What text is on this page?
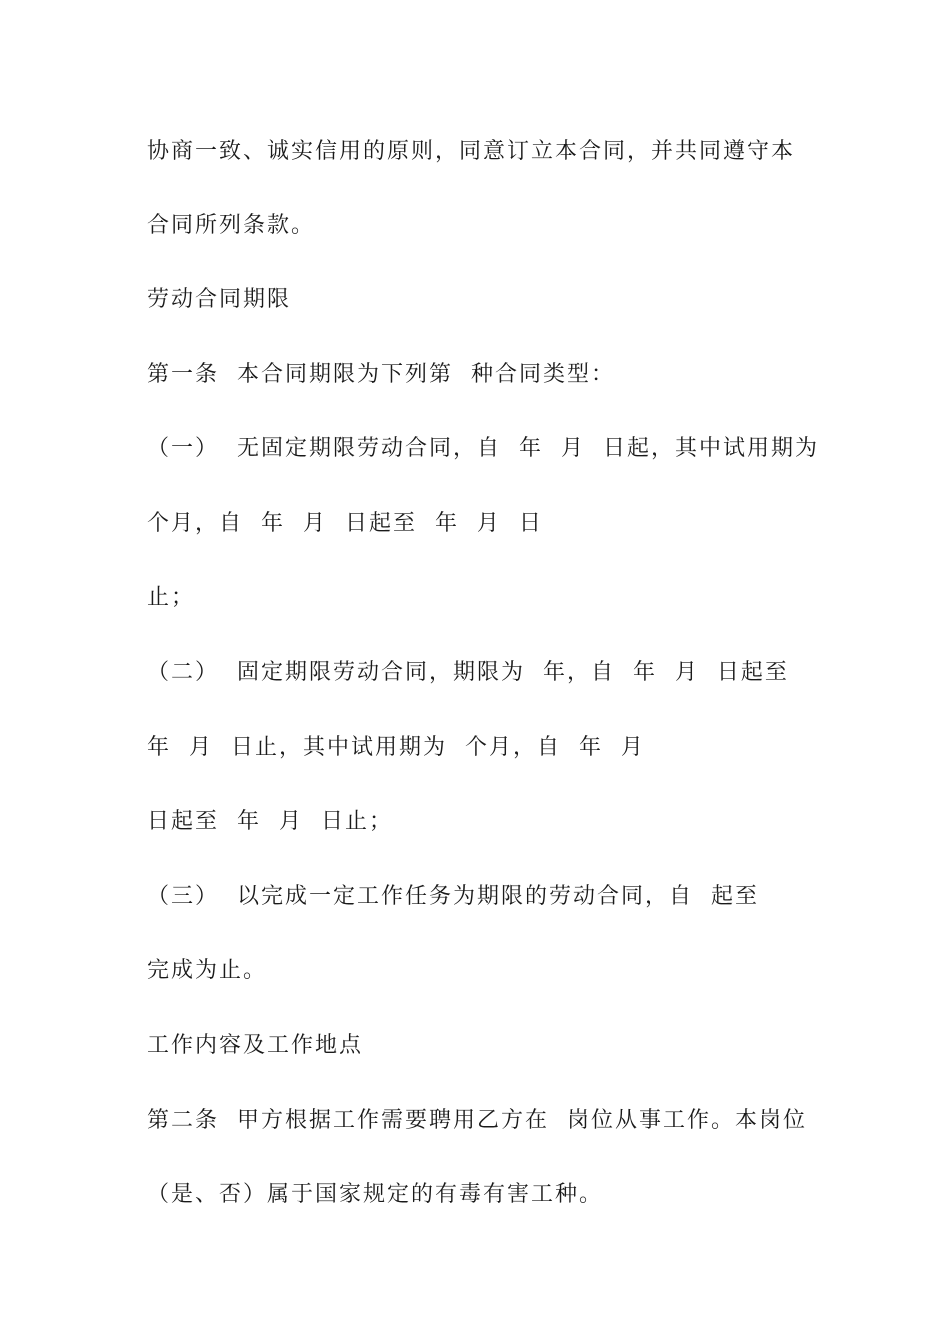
协商一致、诚实信用的原则，同意订立本合同，并共同遵守本
合同所列条款。
劳动合同期限
第一条  本合同期限为下列第  种合同类型：
（一）  无固定期限劳动合同，自  年  月  日起，其中试用期为
个月，自  年  月  日起至  年  月  日
止；
（二）  固定期限劳动合同，期限为  年，自  年  月  日起至
年  月  日止，其中试用期为  个月，自  年  月
日起至  年  月  日止；
（三）  以完成一定工作任务为期限的劳动合同，自  起至
完成为止。
工作内容及工作地点
第二条  甲方根据工作需要聘用乙方在  岗位从事工作。本岗位
（是、否）属于国家规定的有毒有害工种。
